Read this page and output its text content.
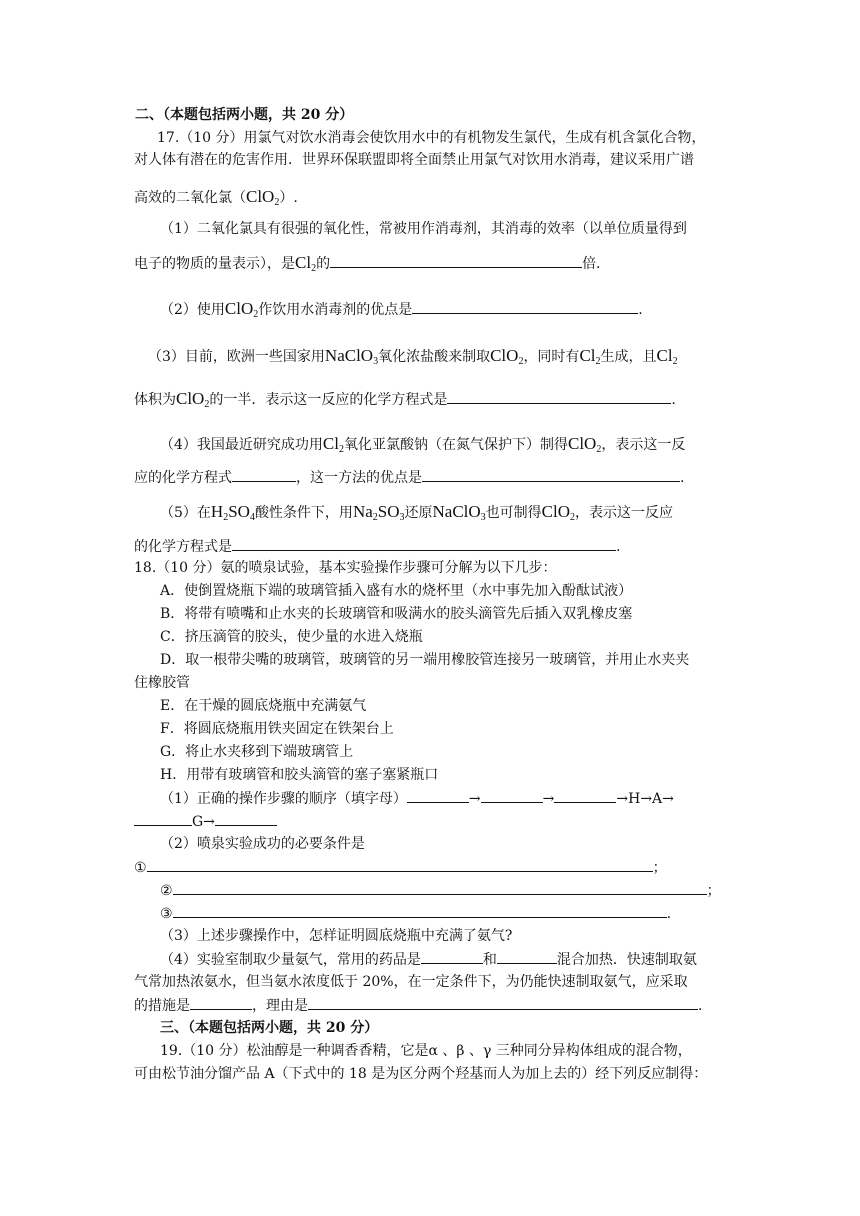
二、（本题包括两小题，共 20 分）
17.（10 分）用氯气对饮水消毒会使饮用水中的有机物发生氯代，生成有机含氯化合物，
对人体有潜在的危害作用．世界环保联盟即将全面禁止用氯气对饮用水消毒，建议采用广谱
高效的二氧化氯（ClO$_2$）.
（1）二氧化氯具有很强的氧化性，常被用作消毒剂，其消毒的效率（以单位质量得到
电子的物质的量表示），是$Cl_2$的	倍.
（2）使用ClO$_2$作饮用水消毒剂的优点是	.
（3）目前，欧洲一些国家用NaClO$_3$氧化浓盐酸来制取ClO$_2$，同时有$Cl_2$生成，且$Cl_2$
体积为ClO$_2$的一半．表示这一反应的化学方程式是	.
（4）我国最近研究成功用$Cl_2$氧化亚氯酸钠（在氮气保护下）制得ClO$_2$，表示这一反
应的化学方程式	，这一方法的优点是	.
（5）在$H_2SO_4$酸性条件下，用$Na_2SO_3$还原NaClO$_3$也可制得ClO$_2$，表示这一反应
的化学方程式是	.
18.（10 分）氨的喷泉试验，基本实验操作步骤可分解为以下几步：
A．使倒置烧瓶下端的玻璃管插入盛有水的烧杯里（水中事先加入酚酞试液）
B．将带有喷嘴和止水夹的长玻璃管和吸满水的胶头滴管先后插入双乳橡皮塞
C．挤压滴管的胶头，使少量的水进入烧瓶
D．取一根带尖嘴的玻璃管，玻璃管的另一端用橡胶管连接另一玻璃管，并用止水夹夹
住橡胶管
E．在干燥的圆底烧瓶中充满氨气
F．将圆底烧瓶用铁夹固定在铁架台上
G．将止水夹移到下端玻璃管上
H．用带有玻璃管和胶头滴管的塞子塞紧瓶口
（1）正确的操作步骤的顺序（填字母）	→	→	→H→A→
G→
（2）喷泉实验成功的必要条件是
①	；
②	；
③	.
（3）上述步骤操作中，怎样证明圆底烧瓶中充满了氨气?
（4）实验室制取少量氨气，常用的药品是	和	混合加热．快速制取氨
气常加热浓氨水，但当氨水浓度低于 20%，在一定条件下，为仍能快速制取氨气，应采取
的措施是	，理由是	.
三、（本题包括两小题，共 20 分）
19.（10 分）松油醇是一种调香香精，它是α 、β 、γ 三种同分异构体组成的混合物，
可由松节油分馏产品 A（下式中的 18 是为区分两个羟基而人为加上去的）经下列反应制得：
